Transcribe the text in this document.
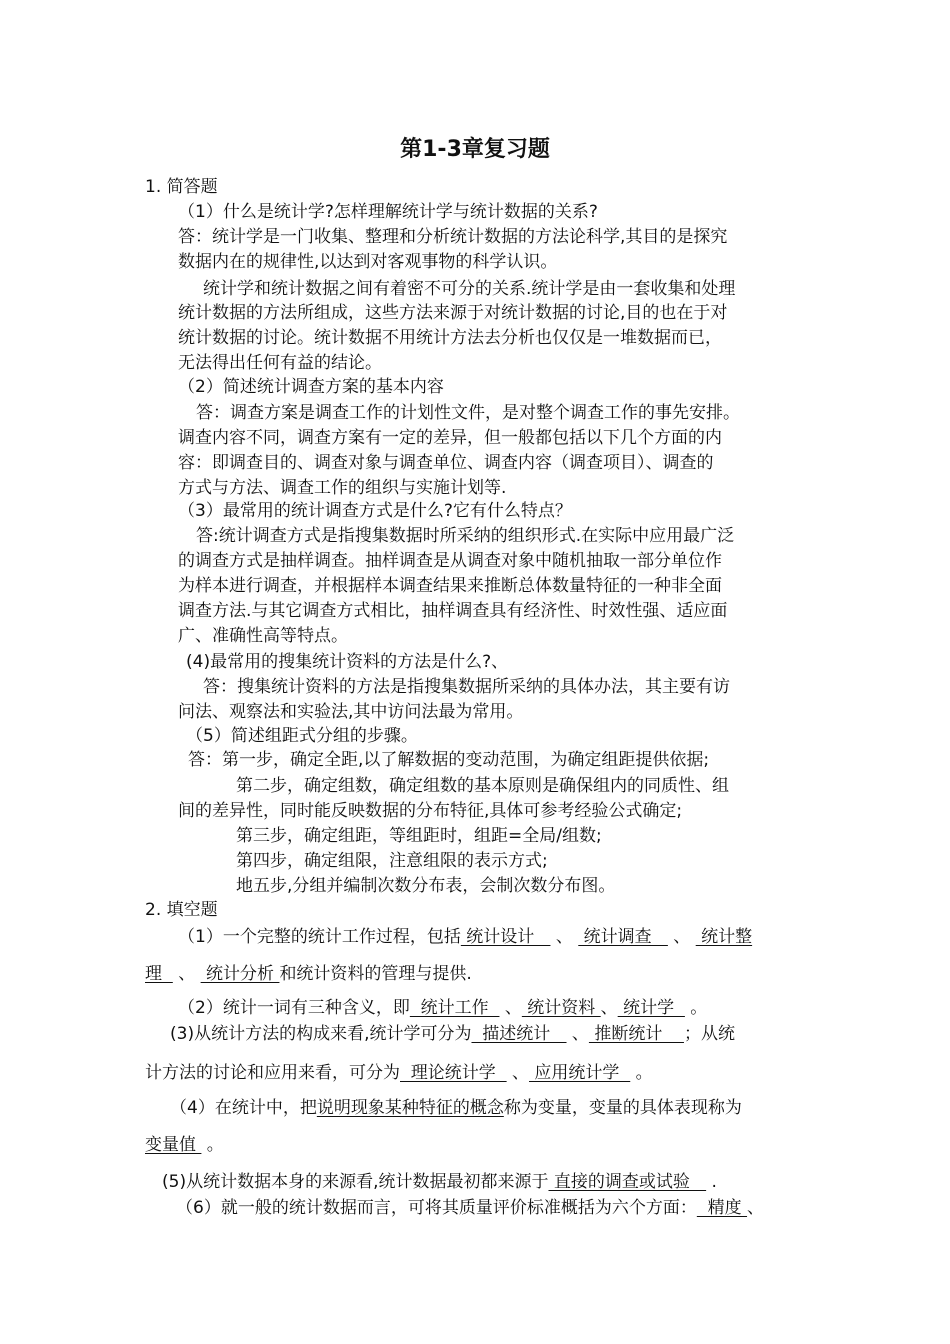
第1-3章复习题

1. 简答题

（1）什么是统计学?怎样理解统计学与统计数据的关系?

答：统计学是一门收集、整理和分析统计数据的方法论科学,其目的是探究

数据内在的规律性,以达到对客观事物的科学认识。

统计学和统计数据之间有着密不可分的关系.统计学是由一套收集和处理

统计数据的方法所组成，这些方法来源于对统计数据的讨论,目的也在于对

统计数据的讨论。统计数据不用统计方法去分析也仅仅是一堆数据而已，

无法得出任何有益的结论。

（2）简述统计调查方案的基本内容

答：调查方案是调查工作的计划性文件，是对整个调查工作的事先安排。

调查内容不同，调查方案有一定的差异，但一般都包括以下几个方面的内

容：即调查目的、调查对象与调查单位、调查内容（调查项目）、调查的

方式与方法、调查工作的组织与实施计划等.

（3）最常用的统计调查方式是什么?它有什么特点？

答:统计调查方式是指搜集数据时所采纳的组织形式.在实际中应用最广泛

的调查方式是抽样调查。抽样调查是从调查对象中随机抽取一部分单位作

为样本进行调查，并根据样本调查结果来推断总体数量特征的一种非全面

调查方法.与其它调查方式相比，抽样调查具有经济性、时效性强、适应面

广、准确性高等特点。

(4)最常用的搜集统计资料的方法是什么?、

答：搜集统计资料的方法是指搜集数据所采纳的具体办法，其主要有访

问法、观察法和实验法,其中访问法最为常用。

（5）简述组距式分组的步骤。

答：第一步，确定全距,以了解数据的变动范围，为确定组距提供依据;

第二步，确定组数，确定组数的基本原则是确保组内的同质性、组

间的差异性，同时能反映数据的分布特征,具体可参考经验公式确定;

第三步，确定组距，等组距时，组距=全局/组数;

第四步，确定组限，注意组限的表示方式;

地五步,分组并编制次数分布表，会制次数分布图。

2. 填空题

（1）一个完整的统计工作过程，包括 统计设计    、  统计调查    、  统计整

理   、  统计分析 和统计资料的管理与提供.

（2）统计一词有三种含义，即  统计工作   、 统计资料 、 统计学   。

(3)从统计方法的构成来看,统计学可分为  描述统计    、 推断统计    ；从统

计方法的讨论和应用来看，可分为  理论统计学   、 应用统计学   。

（4）在统计中，把说明现象某种特征的概念称为变量，变量的具体表现称为

变量值  。

(5)从统计数据本身的来源看,统计数据最初都来源于 直接的调查或试验    .

（6）就一般的统计数据而言，可将其质量评价标准概括为六个方面：  精度 、
